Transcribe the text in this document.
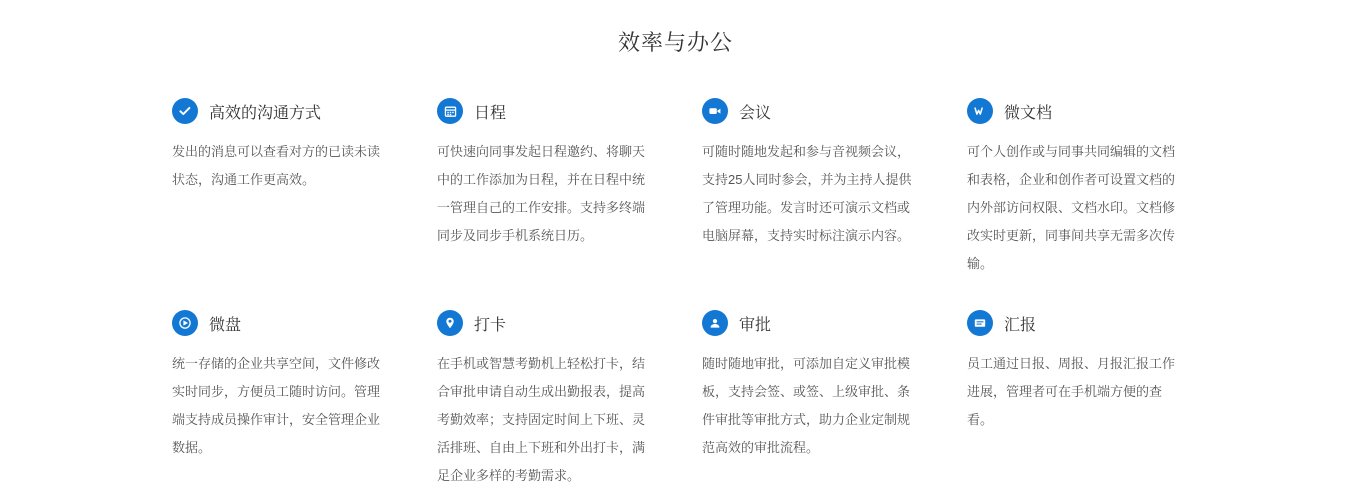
效率与办公
高效的沟通方式
发出的消息可以查看对方的已读未读状态，沟通工作更高效。
日程
可快速向同事发起日程邀约、将聊天中的工作添加为日程，并在日程中统一管理自己的工作安排。支持多终端同步及同步手机系统日历。
会议
可随时随地发起和参与音视频会议，支持25人同时参会，并为主持人提供了管理功能。发言时还可演示文档或电脑屏幕，支持实时标注演示内容。
微文档
可个人创作或与同事共同编辑的文档和表格，企业和创作者可设置文档的内外部访问权限、文档水印。文档修改实时更新，同事间共享无需多次传输。
微盘
统一存储的企业共享空间，文件修改实时同步，方便员工随时访问。管理端支持成员操作审计，安全管理企业数据。
打卡
在手机或智慧考勤机上轻松打卡，结合审批申请自动生成出勤报表，提高考勤效率；支持固定时间上下班、灵活排班、自由上下班和外出打卡，满足企业多样的考勤需求。
审批
随时随地审批，可添加自定义审批模板，支持会签、或签、上级审批、条件审批等审批方式，助力企业定制规范高效的审批流程。
汇报
员工通过日报、周报、月报汇报工作进展，管理者可在手机端方便的查看。
